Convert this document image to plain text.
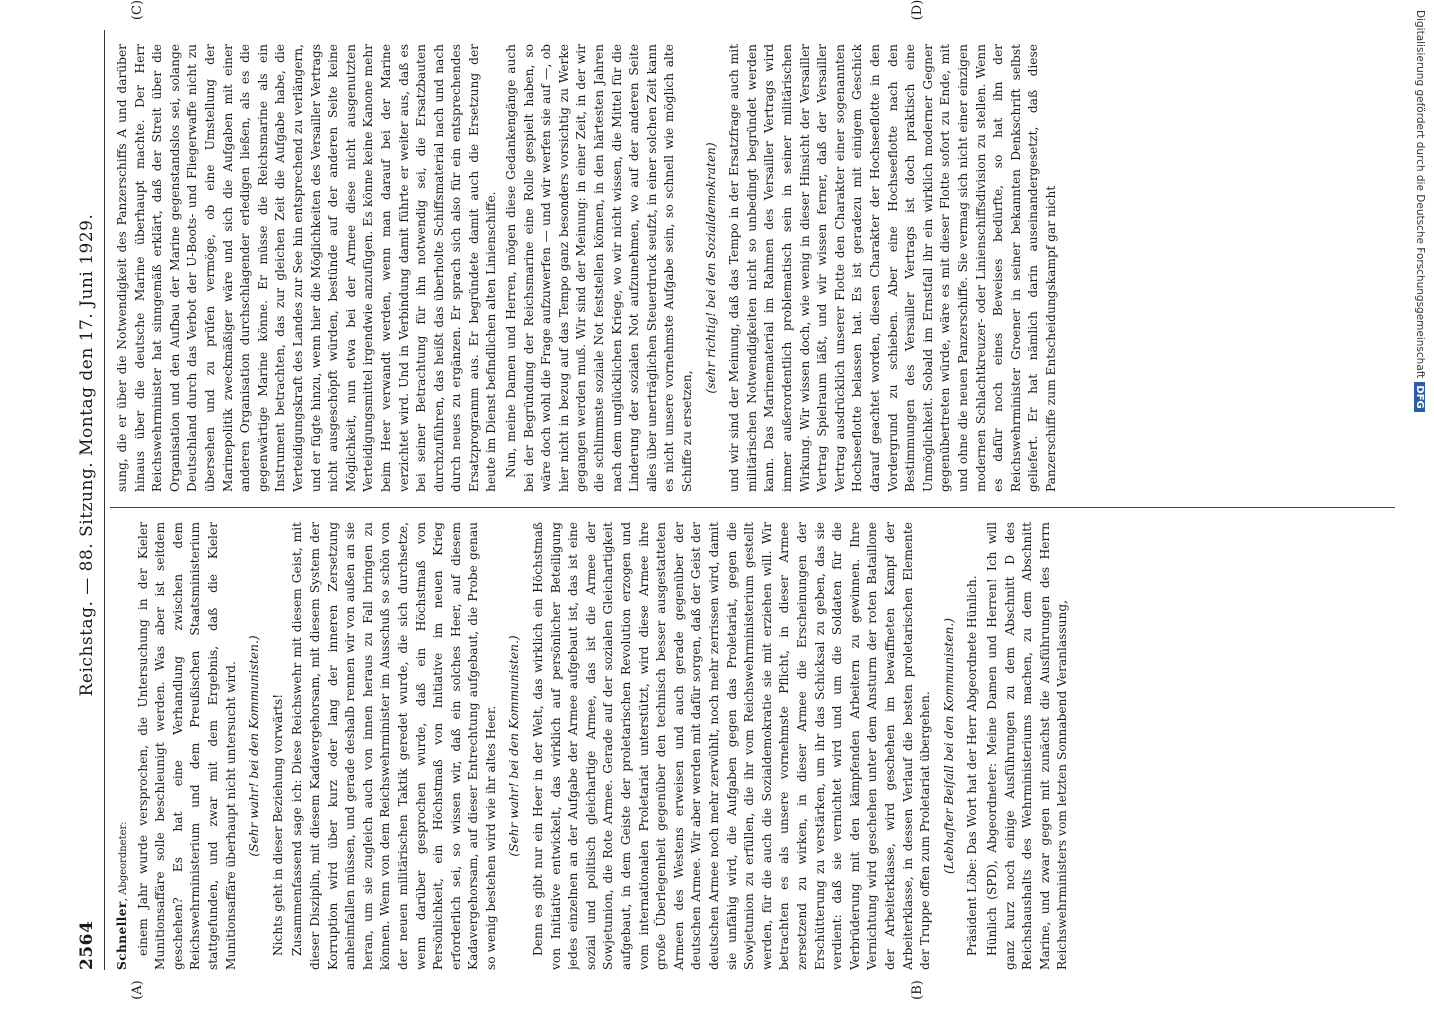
2564
Reichstag. — 88. Sitzung. Montag den 17. Juni 1929.

Schneller, Abgeordneter: einem Jahr wurde versprochen, die Untersuchung in der Kieler Munitionsaffäre solle beschleunigt werden. Was aber ist seitdem geschehen? Es hat eine Verhandlung zwischen dem Reichswehrministerium und dem Preußischen Staatsministerium stattgefunden, und zwar mit dem Ergebnis, daß die Kieler Munitionsaffäre überhaupt nicht untersucht wird. (Sehr wahr! bei den Kommunisten.) Nichts geht in dieser Beziehung vorwärts! Zusammenfassend sage ich: Diese Reichswehr mit diesem Geist, mit dieser Disziplin, mit diesem Kadavergehorsam, mit diesem System der Korruption wird über kurz oder lang der inneren Zersetzung anheimfallen müssen, und gerade deshalb rennen wir von außen an sie heran, um sie zugleich auch von innen heraus zu Fall bringen zu können. Wenn von dem Reichswehrminister im Ausschuß so schön von der neuen militärischen Taktik geredet wurde, die sich durchsetze, wenn darüber gesprochen wurde, daß ein Höchstmaß von Persönlichkeit, ein Höchstmaß von Initiative im neuen Krieg erforderlich sei, so wissen wir, daß ein solches Heer, auf diesem Kadavergehorsam, auf dieser Entrechtung aufgebaut, die Probe genau so wenig bestehen wird wie ihr altes Heer. (Sehr wahr! bei den Kommunisten.) Denn es gibt nur ein Heer in der Welt, das wirklich ein Höchstmaß von Initiative entwickelt, das wirklich auf persönlicher Beteiligung jedes einzelnen an der Aufgabe der Armee aufgebaut ist, das ist eine sozial und politisch gleichartige Armee, das ist die Armee der Sowjetunion, die Rote Armee. Gerade auf der sozialen Gleichartigkeit aufgebaut, in dem Geiste der proletarischen Revolution erzogen und vom internationalen Proletariat unterstützt, wird diese Armee ihre große Überlegenheit gegenüber den technisch besser ausgestatteten Armeen des Westens erweisen und auch gerade gegenüber der deutschen Armee. Wir aber werden mit dafür sorgen, daß der Geist der deutschen Armee noch mehr zerwühlt, noch mehr zerrissen wird, damit sie unfähig wird, die Aufgaben gegen das Proletariat, gegen die Sowjetunion zu erfüllen, die ihr vom Reichswehrministerium gestellt werden, für die auch die Sozialdemokratie sie mit erziehen will. Wir betrachten es als unsere vornehmste Pflicht, in dieser Armee zersetzend zu wirken, in dieser Armee die Erscheinungen der Erschütterung zu verstärken, um ihr das Schicksal zu geben, das sie verdient: daß sie vernichtet wird und um die Soldaten für die Verbrüderung mit den kämpfenden Arbeitern zu gewinnen. Ihre Vernichtung wird geschehen unter dem Ansturm der roten Bataillone der Arbeiterklasse, wird geschehen im bewaffneten Kampf der Arbeiterklasse, in dessen Verlauf die besten proletarischen Elemente der Truppe offen zum Proletariat übergehen. (Lebhafter Beifall bei den Kommunisten.) Präsident Löbe: Das Wort hat der Herr Abgeordnete Hünlich. Hünlich (SPD), Abgeordneter: Meine Damen und Herren! Ich will ganz kurz noch einige Ausführungen zu dem Abschnitt D des Reichshaushalts des Wehrministeriums machen, zu dem Abschnitt Marine, und zwar gegen mit zunächst die Ausführungen des Herrn Reichswehrministers vom letzten Sonnabend Veranlassung,

sung, die er über die Notwendigkeit des Panzerschiffs A und darüber hinaus über die deutsche Marine überhaupt machte. Der Herr Reichswehrminister hat sinngemäß erklärt, daß der Streit über die Organisation und den Aufbau der Marine gegenstandslos sei, solange Deutschland durch das Verbot der U-Boots- und Fliegerwaffe nicht zu übersehen und zu prüfen vermöge, ob eine Umstellung der Marinepolitik zweckmäßiger wäre und sich die Aufgaben mit einer anderen Organisation durchschlagender erledigen ließen, als es die gegenwärtige Marine könne. Er müsse die Reichsmarine als ein Instrument betrachten, das zur gleichen Zeit die Aufgabe habe, die Verteidigungskraft des Landes zur See hin entsprechend zu verlängern, und er fügte hinzu, wenn hier die Möglichkeiten des Versailler Vertrags nicht ausgeschöpft würden, bestünde auf der anderen Seite keine Möglichkeit, nun etwa bei der Armee diese nicht ausgenutzten Verteidigungsmittel irgendwie anzufügen. Es könne keine Kanone mehr beim Heer verwandt werden, wenn man darauf bei der Marine verzichtet wird. Und in Verbindung damit führte er weiter aus, daß es bei seiner Betrachtung für ihn notwendig sei, die Ersatzbauten durchzuführen, das heißt das überholte Schiffsmaterial nach und nach durch neues zu ergänzen. Er sprach sich also für ein entsprechendes Ersatzprogramm aus. Er begründete damit auch die Ersetzung der heute im Dienst befindlichen alten Linienschiffe. Nun, meine Damen und Herren, mögen diese Gedankengänge auch bei der Begründung der Reichsmarine eine Rolle gespielt haben, so wäre doch wohl die Frage aufzuwerfen — und wir werfen sie auf —, ob hier nicht in bezug auf das Tempo ganz besonders vorsichtig zu Werke gegangen werden muß. Wir sind der Meinung: in einer Zeit, in der wir die schlimmste soziale Not feststellen können, in den härtesten Jahren nach dem unglücklichen Kriege, wo wir nicht wissen, die Mittel für die Linderung der sozialen Not aufzunehmen, wo auf der anderen Seite alles über unerträglichen Steuerdruck seufzt, in einer solchen Zeit kann es nicht unsere vornehmste Aufgabe sein, so schnell wie möglich alte Schiffe zu ersetzen,

(sehr richtig! bei den Sozialdemokraten) und wir sind der Meinung, daß das Tempo in der Ersatzfrage auch mit militärischen Notwendigkeiten nicht so unbedingt begründet werden kann. Das Marinematerial im Rahmen des Versailler Vertrags wird immer außerordentlich problematisch sein in seiner militärischen Wirkung. Wir wissen doch, wie wenig in dieser Hinsicht der Versailler Vertrag Spielraum läßt, und wir wissen ferner, daß der Versailler Vertrag ausdrücklich unserer Flotte den Charakter einer sogenannten Hochseeflotte belassen hat. Es ist geradezu mit einigem Geschick darauf geachtet worden, diesen Charakter der Hochseeflotte in den Vordergrund zu schieben. Aber eine Hochseeflotte nach den Bestimmungen des Versailler Vertrags ist doch praktisch eine Unmöglichkeit. Sobald im Ernstfall ihr ein wirklich moderner Gegner gegenübertreten würde, wäre es mit dieser Flotte sofort zu Ende, mit und ohne die neuen Panzerschiffe. Sie vermag sich nicht einer einzigen modernen Schlachtkreuzer- oder Linienschiffsdivision zu stellen. Wenn es dafür noch eines Beweises bedürfte, so hat ihn der Reichswehrminister Groener in seiner bekannten Denkschrift selbst geliefert. Er hat nämlich darin auseinandergesetzt, daß diese Panzerschiffe zum Entscheidungskampf gar nicht

(A)	(B)
(C)	(D)	Digitalisierung gefördert durch die Deutsche ForschungsgemeinschaftDFG
